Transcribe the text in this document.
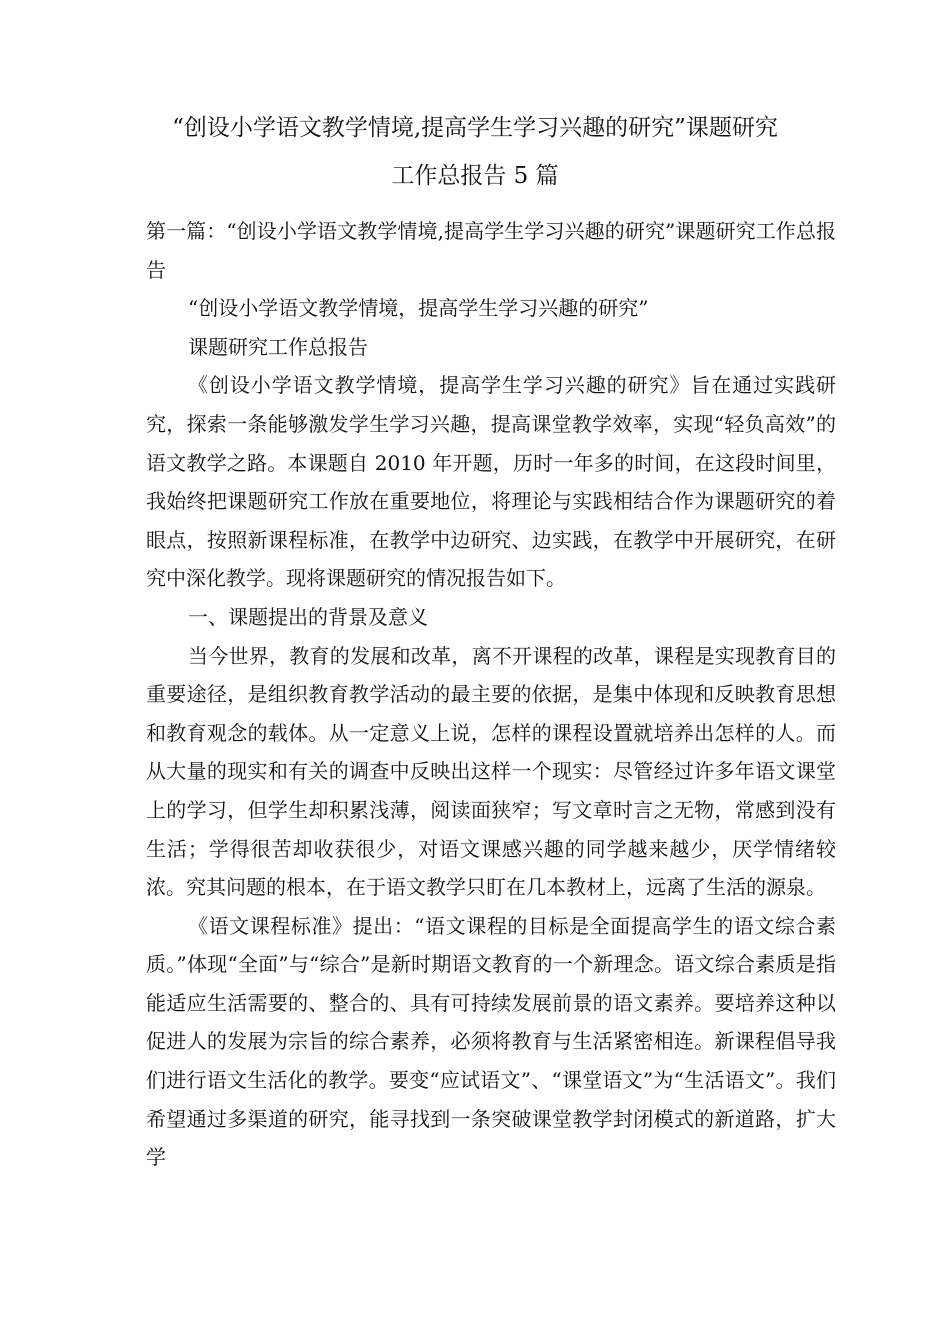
“创设小学语文教学情境,提高学生学习兴趣的研究”课题研究
工作总报告 5 篇

第一篇：“创设小学语文教学情境,提高学生学习兴趣的研究”课题研究工作总报告

“创设小学语文教学情境，提高学生学习兴趣的研究”

课题研究工作总报告

《创设小学语文教学情境，提高学生学习兴趣的研究》旨在通过实践研究，探索一条能够激发学生学习兴趣，提高课堂教学效率，实现“轻负高效”的语文教学之路。本课题自 2010 年开题，历时一年多的时间，在这段时间里，我始终把课题研究工作放在重要地位，将理论与实践相结合作为课题研究的着眼点，按照新课程标准，在教学中边研究、边实践，在教学中开展研究，在研究中深化教学。现将课题研究的情况报告如下。

一、课题提出的背景及意义

当今世界，教育的发展和改革，离不开课程的改革，课程是实现教育目的重要途径，是组织教育教学活动的最主要的依据，是集中体现和反映教育思想和教育观念的载体。从一定意义上说，怎样的课程设置就培养出怎样的人。而从大量的现实和有关的调查中反映出这样一个现实：尽管经过许多年语文课堂上的学习，但学生却积累浅薄，阅读面狭窄；写文章时言之无物，常感到没有生活；学得很苦却收获很少，对语文课感兴趣的同学越来越少，厌学情绪较浓。究其问题的根本，在于语文教学只盯在几本教材上，远离了生活的源泉。

《语文课程标准》提出：“语文课程的目标是全面提高学生的语文综合素质。”体现“全面”与“综合”是新时期语文教育的一个新理念。语文综合素质是指能适应生活需要的、整合的、具有可持续发展前景的语文素养。要培养这种以促进人的发展为宗旨的综合素养，必须将教育与生活紧密相连。新课程倡导我们进行语文生活化的教学。要变“应试语文”、“课堂语文”为“生活语文”。我们希望通过多渠道的研究，能寻找到一条突破课堂教学封闭模式的新道路，扩大学
